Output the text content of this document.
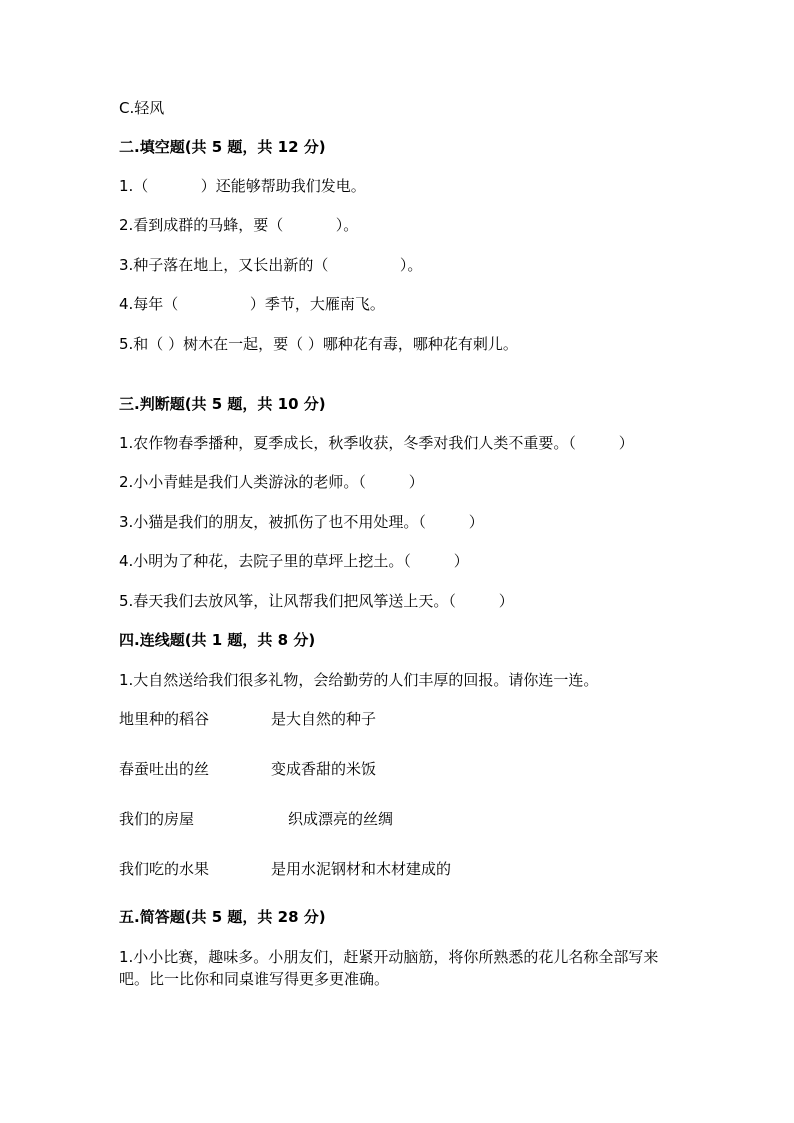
C.轻风

二.填空题(共 5 题，共 12 分)

1.（           ）还能够帮助我们发电。

2.看到成群的马蜂，要（           ）。

3.种子落在地上，又长出新的（               ）。

4.每年（               ）季节，大雁南飞。

5.和（ ）树木在一起，要（ ）哪种花有毒，哪种花有刺儿。

三.判断题(共 5 题，共 10 分)

1.农作物春季播种，夏季成长，秋季收获，冬季对我们人类不重要。（         ）

2.小小青蛙是我们人类游泳的老师。（         ）

3.小猫是我们的朋友，被抓伤了也不用处理。（         ）

4.小明为了种花，去院子里的草坪上挖土。（         ）

5.春天我们去放风筝，让风帮我们把风筝送上天。（         ）

四.连线题(共 1 题，共 8 分)

1.大自然送给我们很多礼物，会给勤劳的人们丰厚的回报。请你连一连。

地里种的稻谷
春蚕吐出的丝
我们的房屋
我们吃的水果
是大自然的种子
变成香甜的米饭
织成漂亮的丝绸
是用水泥钢材和木材建成的

五.简答题(共 5 题，共 28 分)

1.小小比赛，趣味多。小朋友们，赶紧开动脑筋，将你所熟悉的花儿名称全部写来吧。比一比你和同桌谁写得更多更准确。
